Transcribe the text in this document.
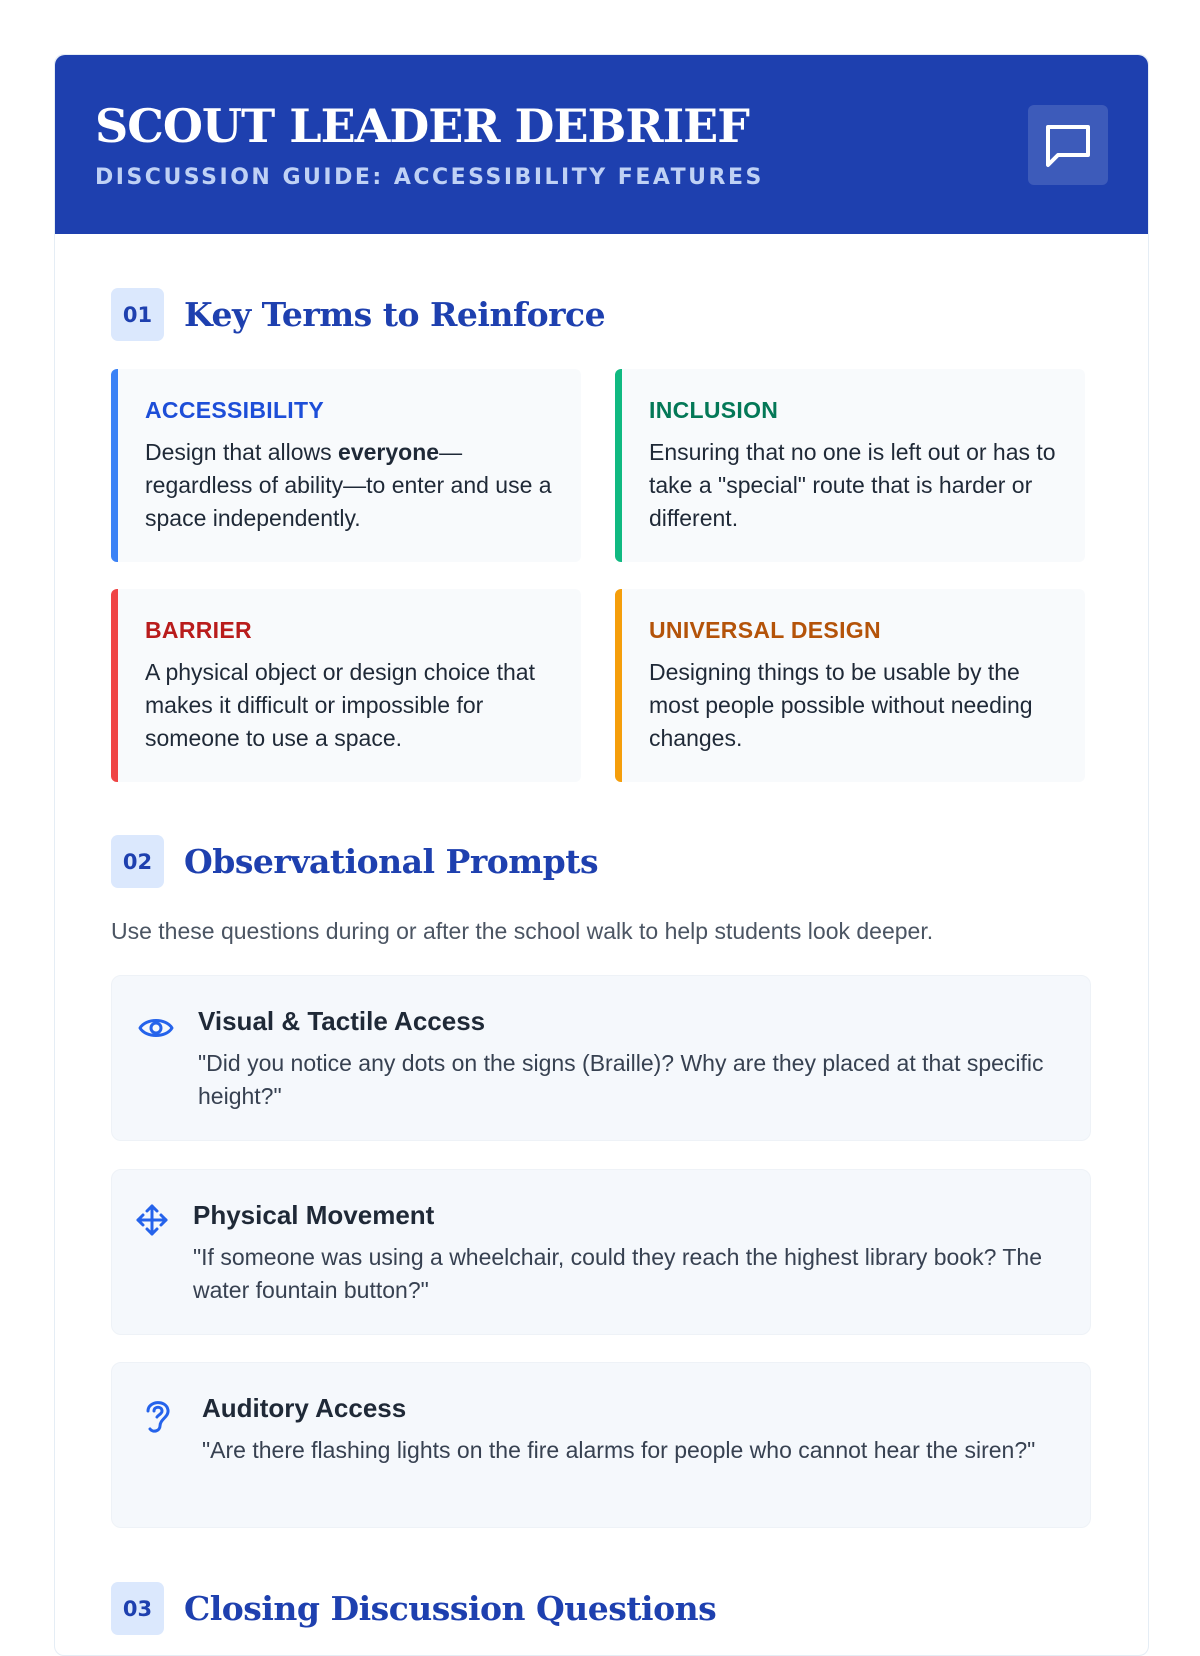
SCOUT LEADER DEBRIEF
DISCUSSION GUIDE: ACCESSIBILITY FEATURES
01 Key Terms to Reinforce
ACCESSIBILITY
Design that allows everyone—regardless of ability—to enter and use a space independently.
INCLUSION
Ensuring that no one is left out or has to take a "special" route that is harder or different.
BARRIER
A physical object or design choice that makes it difficult or impossible for someone to use a space.
UNIVERSAL DESIGN
Designing things to be usable by the most people possible without needing changes.
02 Observational Prompts
Use these questions during or after the school walk to help students look deeper.
Visual & Tactile Access
"Did you notice any dots on the signs (Braille)? Why are they placed at that specific height?"
Physical Movement
"If someone was using a wheelchair, could they reach the highest library book? The water fountain button?"
Auditory Access
"Are there flashing lights on the fire alarms for people who cannot hear the siren?"
03 Closing Discussion Questions
